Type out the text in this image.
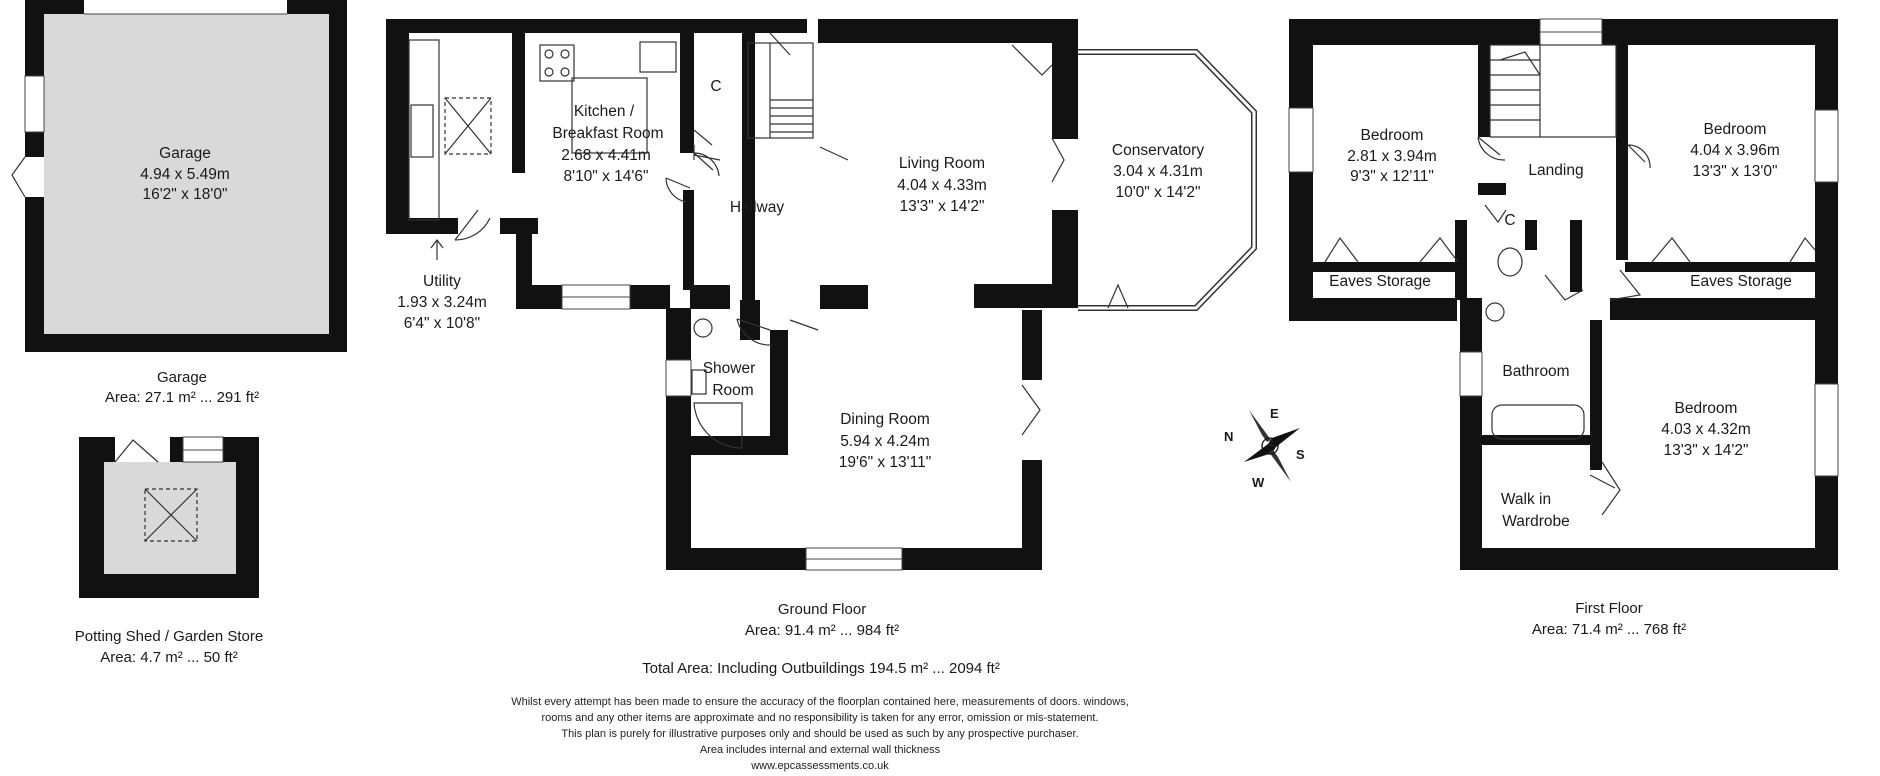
N
E
S
W
Garage
4.94 x 5.49m
16'2" x 18'0"
Garage
Area: 27.1 m² ... 291 ft²
Potting Shed / Garden Store
Area: 4.7 m² ... 50 ft²
Kitchen /
Breakfast Room
2.68 x 4.41m
8'10" x 14'6"
C
Utility
1.93 x 3.24m
6'4" x 10'8"
Hallway
Living Room
4.04 x 4.33m
13'3" x 14'2"
Conservatory
3.04 x 4.31m
10'0" x 14'2"
Shower
Room
Dining Room
5.94 x 4.24m
19'6" x 13'11"
Ground Floor
Area: 91.4 m² ... 984 ft²
Bedroom
2.81 x 3.94m
9'3" x 12'11"	Landing
Bedroom
4.04 x 3.96m
13'3" x 13'0"
Eaves Storage	Eaves Storage
C
Bathroom
Bedroom
4.03 x 4.32m
13'3" x 14'2"
Walk in
Wardrobe
First Floor
Area: 71.4 m² ... 768 ft²
Total Area: Including Outbuildings 194.5 m² ... 2094 ft²
Whilst every attempt has been made to ensure the accuracy of the floorplan contained here, measurements of doors. windows,
rooms and any other items are approximate and no responsibility is taken for any error, omission or mis-statement.
This plan is purely for illustrative purposes only and should be used as such by any prospective purchaser.
Area includes internal and external wall thickness
www.epcassessments.co.uk
